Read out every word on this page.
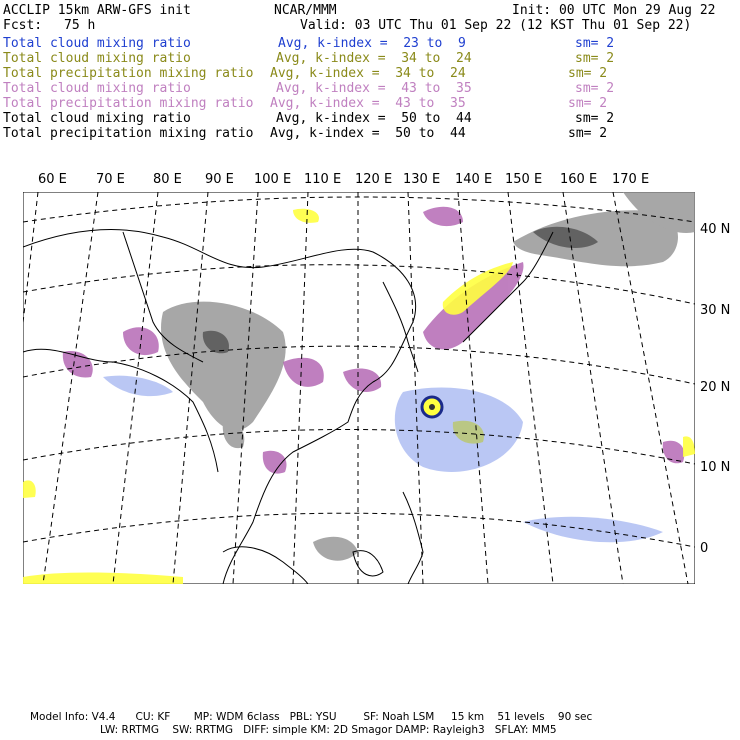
ACCLIP 15km ARW-GFS init	NCAR/MMM	Init: 00 UTC Mon 29 Aug 22
Fcst: 75 h	Valid: 03 UTC Thu 01 Sep 22 (12 KST Thu 01 Sep 22)
Total cloud mixing ratio	Avg, k-index =  23 to  9	sm= 2
Total cloud mixing ratio	Avg, k-index =  34 to  24	sm= 2
Total precipitation mixing ratio Avg, k-index =  34 to  24	sm= 2
Total cloud mixing ratio	Avg, k-index =  43 to  35	sm= 2
Total precipitation mixing ratio Avg, k-index =  43 to  35	sm= 2
Total cloud mixing ratio	Avg, k-index =  50 to  44	sm= 2
Total precipitation mixing ratio Avg, k-index =  50 to  44	sm= 2
60 E 70 E 80 E 90 E 100 E 110 E 120 E 130 E 140 E 150 E 160 E 170 E
40 N
30 N
20 N
10 N
0
Model Info: V4.4      CU: KF       MP: WDM 6class   PBL: YSU        SF: Noah LSM     15 km    51 levels    90 sec
LW: RRTMG    SW: RRTMG   DIFF: simple KM: 2D Smagor DAMP: Rayleigh3   SFLAY: MM5
